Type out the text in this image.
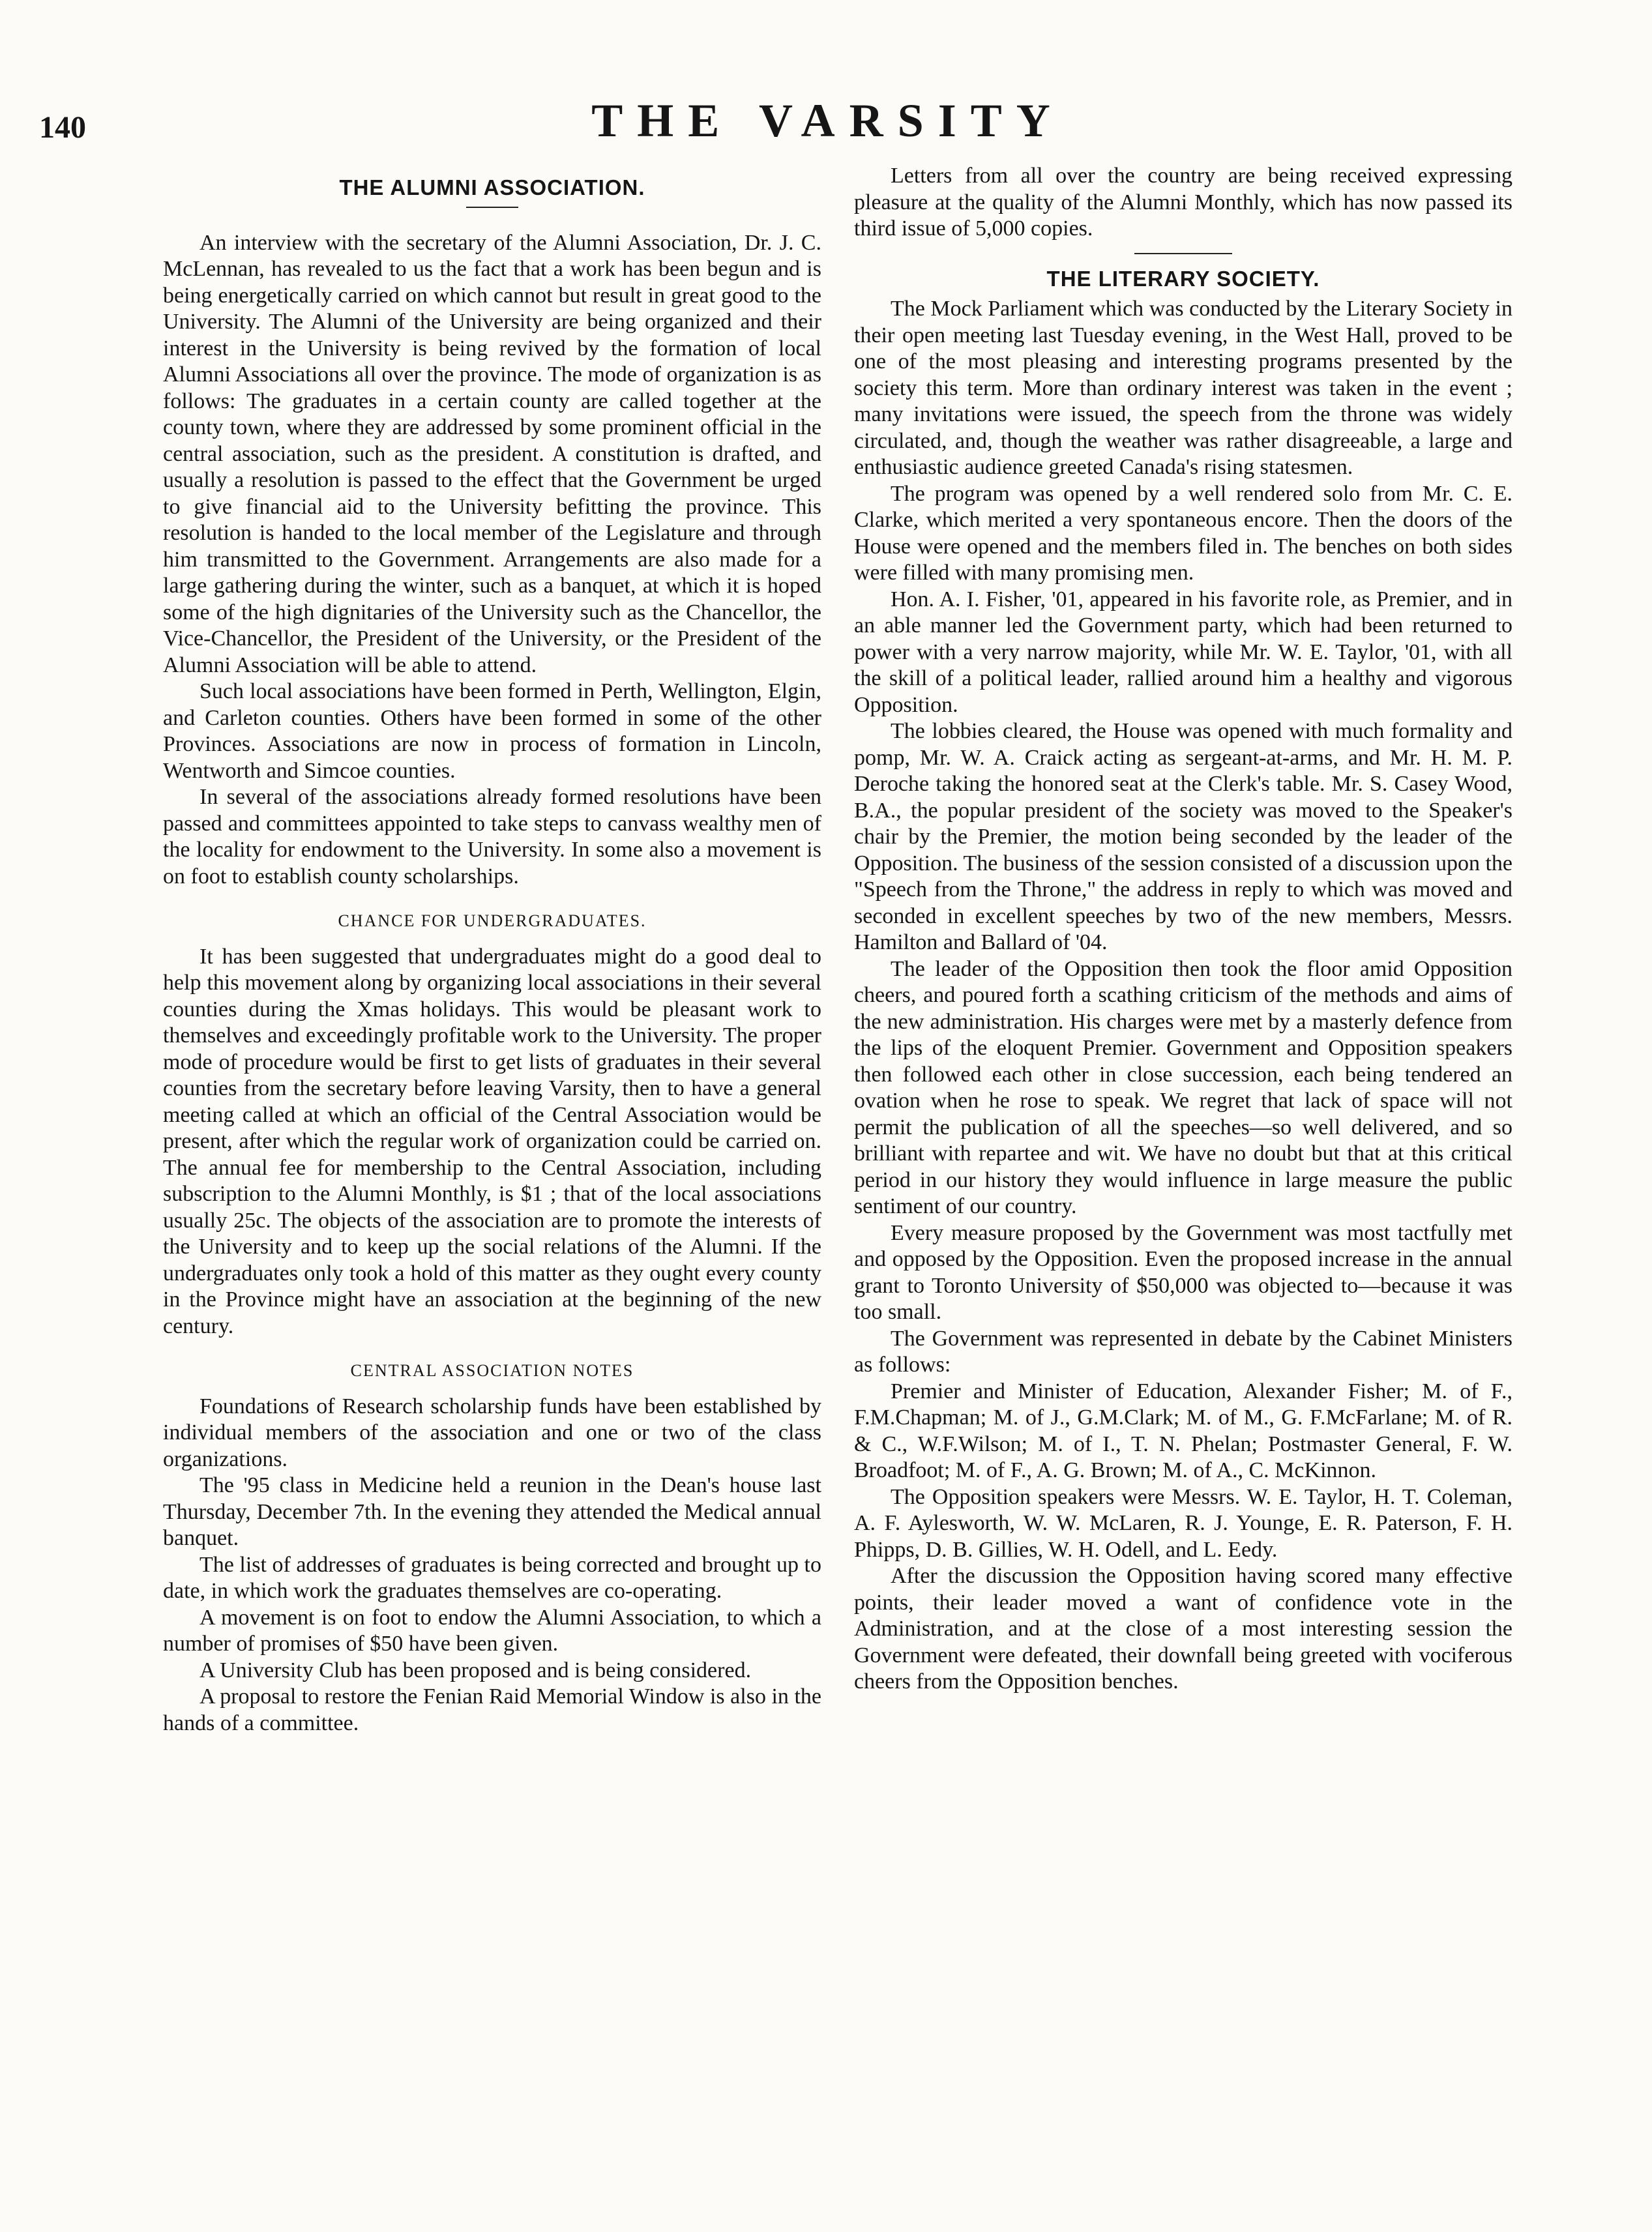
140	THE VARSITY
THE ALUMNI ASSOCIATION.

An interview with the secretary of the Alumni Association, Dr. J. C. McLennan, has revealed to us the fact that a work has been begun and is being energetically carried on which cannot but result in great good to the University. The Alumni of the University are being organized and their interest in the University is being revived by the formation of local Alumni Associations all over the province. The mode of organization is as follows: The graduates in a certain county are called together at the county town, where they are addressed by some prominent official in the central association, such as the president. A constitution is drafted, and usually a resolution is passed to the effect that the Government be urged to give financial aid to the University befitting the province. This resolution is handed to the local member of the Legislature and through him transmitted to the Government. Arrangements are also made for a large gathering during the winter, such as a banquet, at which it is hoped some of the high dignitaries of the University such as the Chancellor, the Vice-Chancellor, the President of the University, or the President of the Alumni Association will be able to attend.

Such local associations have been formed in Perth, Wellington, Elgin, and Carleton counties. Others have been formed in some of the other Provinces. Associations are now in process of formation in Lincoln, Wentworth and Simcoe counties.

In several of the associations already formed resolutions have been passed and committees appointed to take steps to canvass wealthy men of the locality for endowment to the University. In some also a movement is on foot to establish county scholarships.

CHANCE FOR UNDERGRADUATES.

It has been suggested that undergraduates might do a good deal to help this movement along by organizing local associations in their several counties during the Xmas holidays. This would be pleasant work to themselves and exceedingly profitable work to the University. The proper mode of procedure would be first to get lists of graduates in their several counties from the secretary before leaving Varsity, then to have a general meeting called at which an official of the Central Association would be present, after which the regular work of organization could be carried on. The annual fee for membership to the Central Association, including subscription to the Alumni Monthly, is $1 ; that of the local associations usually 25c. The objects of the association are to promote the interests of the University and to keep up the social relations of the Alumni. If the undergraduates only took a hold of this matter as they ought every county in the Province might have an association at the beginning of the new century.

CENTRAL ASSOCIATION NOTES

Foundations of Research scholarship funds have been established by individual members of the association and one or two of the class organizations.

The '95 class in Medicine held a reunion in the Dean's house last Thursday, December 7th. In the evening they attended the Medical annual banquet.

The list of addresses of graduates is being corrected and brought up to date, in which work the graduates themselves are co-operating.

A movement is on foot to endow the Alumni Association, to which a number of promises of $50 have been given.

A University Club has been proposed and is being considered.

A proposal to restore the Fenian Raid Memorial Window is also in the hands of a committee.

Letters from all over the country are being received expressing pleasure at the quality of the Alumni Monthly, which has now passed its third issue of 5,000 copies.

THE LITERARY SOCIETY.

The Mock Parliament which was conducted by the Literary Society in their open meeting last Tuesday evening, in the West Hall, proved to be one of the most pleasing and interesting programs presented by the society this term. More than ordinary interest was taken in the event ; many invitations were issued, the speech from the throne was widely circulated, and, though the weather was rather disagreeable, a large and enthusiastic audience greeted Canada's rising statesmen.

The program was opened by a well rendered solo from Mr. C. E. Clarke, which merited a very spontaneous encore. Then the doors of the House were opened and the members filed in. The benches on both sides were filled with many promising men.

Hon. A. I. Fisher, '01, appeared in his favorite role, as Premier, and in an able manner led the Government party, which had been returned to power with a very narrow majority, while Mr. W. E. Taylor, '01, with all the skill of a political leader, rallied around him a healthy and vigorous Opposition.

The lobbies cleared, the House was opened with much formality and pomp, Mr. W. A. Craick acting as sergeant-at-arms, and Mr. H. M. P. Deroche taking the honored seat at the Clerk's table. Mr. S. Casey Wood, B.A., the popular president of the society was moved to the Speaker's chair by the Premier, the motion being seconded by the leader of the Opposition. The business of the session consisted of a discussion upon the "Speech from the Throne," the address in reply to which was moved and seconded in excellent speeches by two of the new members, Messrs. Hamilton and Ballard of '04.

The leader of the Opposition then took the floor amid Opposition cheers, and poured forth a scathing criticism of the methods and aims of the new administration. His charges were met by a masterly defence from the lips of the eloquent Premier. Government and Opposition speakers then followed each other in close succession, each being tendered an ovation when he rose to speak. We regret that lack of space will not permit the publication of all the speeches—so well delivered, and so brilliant with repartee and wit. We have no doubt but that at this critical period in our history they would influence in large measure the public sentiment of our country.

Every measure proposed by the Government was most tactfully met and opposed by the Opposition. Even the proposed increase in the annual grant to Toronto University of $50,000 was objected to—because it was too small.

The Government was represented in debate by the Cabinet Ministers as follows:

Premier and Minister of Education, Alexander Fisher; M. of F., F.M.Chapman; M. of J., G.M.Clark; M. of M., G. F.McFarlane; M. of R. & C., W.F.Wilson; M. of I., T. N. Phelan; Postmaster General, F. W. Broadfoot; M. of F., A. G. Brown; M. of A., C. McKinnon.

The Opposition speakers were Messrs. W. E. Taylor, H. T. Coleman, A. F. Aylesworth, W. W. McLaren, R. J. Younge, E. R. Paterson, F. H. Phipps, D. B. Gillies, W. H. Odell, and L. Eedy.

After the discussion the Opposition having scored many effective points, their leader moved a want of confidence vote in the Administration, and at the close of a most interesting session the Government were defeated, their downfall being greeted with vociferous cheers from the Opposition benches.
